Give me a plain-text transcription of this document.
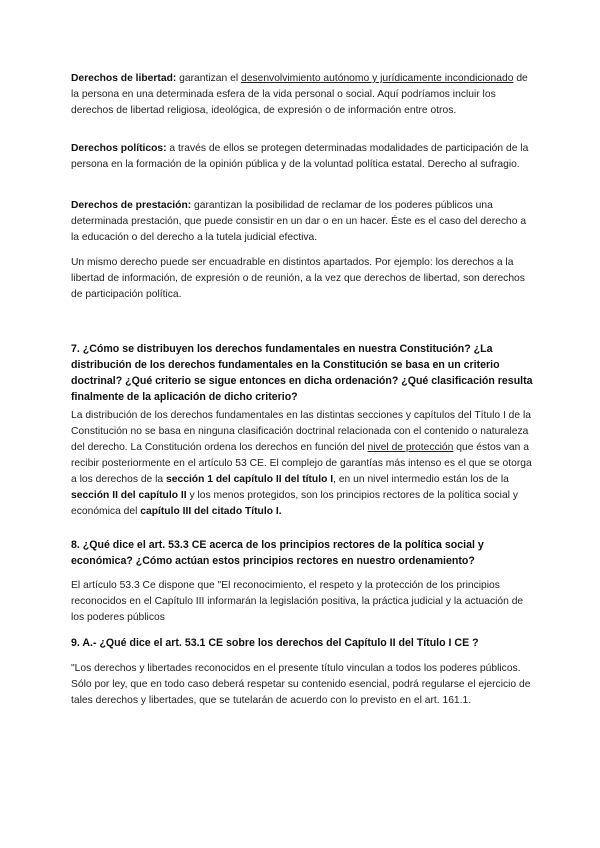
Derechos de libertad: garantizan el desenvolvimiento autónomo y jurídicamente incondicionado de la persona en una determinada esfera de la vida personal o social. Aquí podríamos incluir los derechos de libertad religiosa, ideológica, de expresión o de información entre otros.

Derechos políticos: a través de ellos se protegen determinadas modalidades de participación de la persona en la formación de la opinión pública y de la voluntad política estatal. Derecho al sufragio.

Derechos de prestación: garantizan la posibilidad de reclamar de los poderes públicos una determinada prestación, que puede consistir en un dar o en un hacer. Éste es el caso del derecho a la educación o del derecho a la tutela judicial efectiva.

Un mismo derecho puede ser encuadrable en distintos apartados. Por ejemplo: los derechos a la libertad de información, de expresión o de reunión, a la vez que derechos de libertad, son derechos de participación política.

7. ¿Cómo se distribuyen los derechos fundamentales en nuestra Constitución? ¿La distribución de los derechos fundamentales en la Constitución se basa en un criterio doctrinal? ¿Qué criterio se sigue entonces en dicha ordenación? ¿Qué clasificación resulta finalmente de la aplicación de dicho criterio?

La distribución de los derechos fundamentales en las distintas secciones y capítulos del Título I de la Constitución no se basa en ninguna clasificación doctrinal relacionada con el contenido o naturaleza del derecho. La Constitución ordena los derechos en función del nivel de protección que éstos van a recibir posteriormente en el artículo 53 CE. El complejo de garantías más intenso es el que se otorga a los derechos de la sección 1 del capítulo II del título I, en un nivel intermedio están los de la sección II del capítulo II y los menos protegidos, son los principios rectores de la política social y económica del capítulo III del citado Título I.

8. ¿Qué dice el art. 53.3 CE acerca de los principios rectores de la política social y económica? ¿Cómo actúan estos principios rectores en nuestro ordenamiento?

El artículo 53.3 Ce dispone que "El reconocimiento, el respeto y la protección de los principios reconocidos en el Capítulo III informarán la legislación positiva, la práctica judicial y la actuación de los poderes públicos

9. A.- ¿Qué dice el art. 53.1 CE sobre los derechos del Capítulo II del Título I CE ?

"Los derechos y libertades reconocidos en el presente título vinculan a todos los poderes públicos. Sólo por ley, que en todo caso deberá respetar su contenido esencial, podrá regularse el ejercicio de tales derechos y libertades, que se tutelarán de acuerdo con lo previsto en el art. 161.1.
